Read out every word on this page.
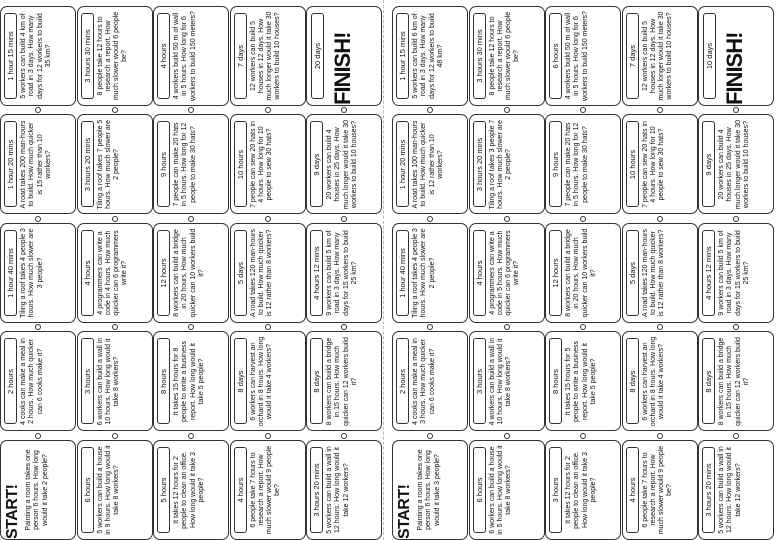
START! Painting a room takes one person 6 hours. How long would it take 2 people?
2 hours 4 cooks can make a meal in 2 hours. How much quicker can 6 cooks make it?
1 hour 40 mins Tiling a roof takes 4 people 3 hours. How much slower are 3 people?
1 hour 20 mins A road takes 200 man-hours to build. How much quicker is 15 rather than 10 workers?
1 hour 15 mins 5 workers can build 4 km of road in 3 days. How many days for 12 workers to build 35 km?
6 hours 5 workers can build a house in 9 hours. How long would it take 8 workers?
3 hours 6 workers can build a wall in 10 hours. How long would it take 8 workers?
4 hours 4 programmers can write a code in 4 hours. How much quicker can 6 programmers write it?
3 hours 20 mins Tiling a roof takes 7 people 5 hours. How much slower are 2 people?
3 hours 30 mins 8 people take 12 hours to research a report. How much slower would 6 people be?
5 hours It takes 12 hours for 2 people to clean an office. How long would it take 3 people?
8 hours It takes 15 hours for 8 people to write a business report. How long would it take 5 people?
12 hours 8 workers can build a bridge in 20 hours. How much quicker can 10 workers build it?
9 hours 7 people can make 20 hats in 5 hours. How long for 12 people to make 30 hats?
4 hours 4 workers build 50 m of wall in 5 hours. How long for 6 workers to build 150 meters?
4 hours 6 people take 7 hours to research a report. How much slower would 9 people be?
8 days 6 workers can harvest an orchard in 8 hours. How long would it take 4 workers?
5 days A road takes 120 man-hours to build. How much quicker is 12 rather than 8 workers?
10 hours 7 people can sew 20 hats in 4 hours. How long for 10 people to sew 30 hats?
7 days 12 workers can build 5 houses in 12 days. How much longer would it take 30 workers to build 10 houses?
3 hours 20 mins 5 workers can build a wall in 12 hours. How long would it take 12 workers?
8 days 8 workers can build a bridge in 15 hours. How much quicker can 12 workers build it?
4 hours 12 mins 9 workers can build 5 km of road in 3 days. How many days for 15 workers to build 25 km?
9 days 20 workers can build 4 houses in 25 days. How much longer would it take 30 workers to build 10 houses?
20 days FINISH!
START! Painting a room takes one person 6 hours. How long would it take 3 people?
2 hours 4 cooks can make a meal in 3 hours. How much quicker can 6 cooks make it?
1 hour 40 mins Tiling a roof takes 4 people 3 hours. How much slower are 2 people?
1 hour 20 mins A road takes 100 man-hours to build. How much quicker is 12 rather than 10 workers?
1 hour 15 mins 5 workers can build 6 km of road in 3 days. How many days for 12 workers to build 48 km?
6 hours 6 workers can build a house in 5 hours. How long would it take 8 workers?
3 hours 4 workers can build a wall in 10 hours. How long would it take 8 workers?
4 hours 4 programmers can write a code in 5 hours. How much quicker can 6 programmers write it?
3 hours 20 mins Tiling a roof takes 3 people 7 hours. How much slower are 2 people?
3 hours 30 mins 8 people take 12 hours to research a report. How much slower would 6 people be?
3 hours It takes 12 hours for 2 people to clean an office. How long would it take 3 people?
8 hours It takes 15 hours for 5 people to write a business report. How long would it take 5 people?
12 hours 8 workers can build a bridge in 20 hours. How much quicker can 10 workers build it?
9 hours 7 people can make 20 hats in 5 hours. How long for 12 people to make 30 hats?
6 hours 4 workers build 50 m of wall in 5 hours. How long for 6 workers to build 150 meters?
4 hours 6 people take 7 hours to research a report. How much slower would 9 people be?
8 days 6 workers can harvest an orchard in 8 hours. How long would it take 4 workers?
5 days A road takes 120 man-hours to build. How much quicker is 12 rather than 8 workers?
10 hours 7 people can sew 20 hats in 4 hours. How long for 10 people to sew 30 hats?
7 days 12 workers can build 5 houses in 12 days. How much longer would it take 30 workers to build 10 houses?
3 hours 20 mins 5 workers can build a wall in 12 hours. How long would it take 12 workers?
8 days 8 workers can build a bridge in 15 hours. How much quicker can 12 workers build it?
4 hours 12 mins 9 workers can build 5 km of road in 3 days. How many days for 15 workers to build 25 km?
9 days 20 workers can build 4 houses in 25 days. How much longer would it take 30 workers to build 10 houses?
10 days FINISH!
